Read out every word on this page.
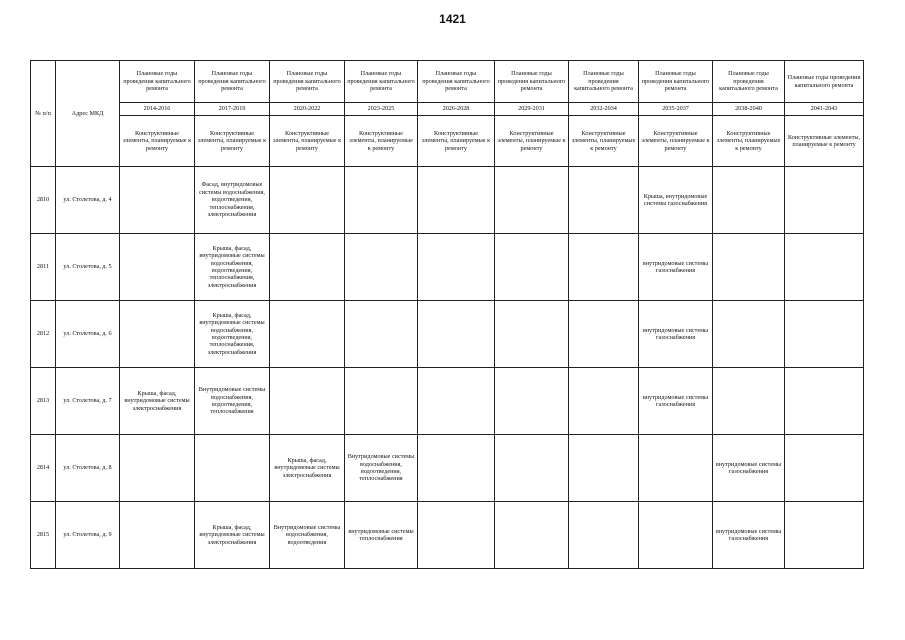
1421
№ п/п	Адрес МКД	Плановые годы проведения капитального ремонта	Плановые годы проведения капитального ремонта	Плановые годы проведения капитального ремонта	Плановые годы проведения капитального ремонта	Плановые годы проведения капитального ремонта	Плановые годы проведения капитального ремонта	Плановые годы проведения капитального ремонта	Плановые годы проведения капитального ремонта	Плановые годы проведения капитального ремонта	Плановые годы проведения капитального ремонта
		2014-2016	2017-2019	2020-2022	2023-2025	2026-2028	2029-2031	2032-2034	2035-2037	2038-2040	2041-2043
		Конструктивные элементы, планируемые к ремонту	Конструктивные элементы, планируемые к ремонту	Конструктивные элементы, планируемые к ремонту	Конструктивные элементы, планируемые к ремонту	Конструктивные элементы, планируемые к ремонту	Конструктивные элементы, планируемые к ремонту	Конструктивные элементы, планируемые к ремонту	Конструктивные элементы, планируемые к ремонту	Конструктивные элементы, планируемые к ремонту	Конструктивные элементы, планируемые к ремонту
2810	ул. Столетова, д. 4		Фасад, внутридомовые системы водоснабжения, водоотведения, теплоснабжения, электроснабжения						Крыша, внутридомовые системы газоснабжения		
2811	ул. Столетова, д. 5		Крыша, фасад, внутридомовые системы водоснабжения, водоотведения, теплоснабжения, электроснабжения						внутридомовые системы газоснабжения		
2812	ул. Столетова, д. 6		Крыша, фасад, внутридомовые системы водоснабжения, водоотведения, теплоснабжения, электроснабжения						внутридомовые системы газоснабжения		
2813	ул. Столетова, д. 7	Крыша, фасад, внутридомовые системы электроснабжения	Внутридомовые системы водоснабжения, водоотведения, теплоснабжения						внутридомовые системы газоснабжения		
2814	ул. Столетова, д. 8			Крыша, фасад, внутридомовые системы электроснабжения	Внутридомовые системы водоснабжения, водоотведения, теплоснабжения					внутридомовые системы газоснабжения	
2815	ул. Столетова, д. 9		Крыша, фасад, внутридомовые системы электроснабжения	Внутридомовые системы водоснабжения, водоотведения	внутридомовые системы теплоснабжения					внутридомовые системы газоснабжения	
